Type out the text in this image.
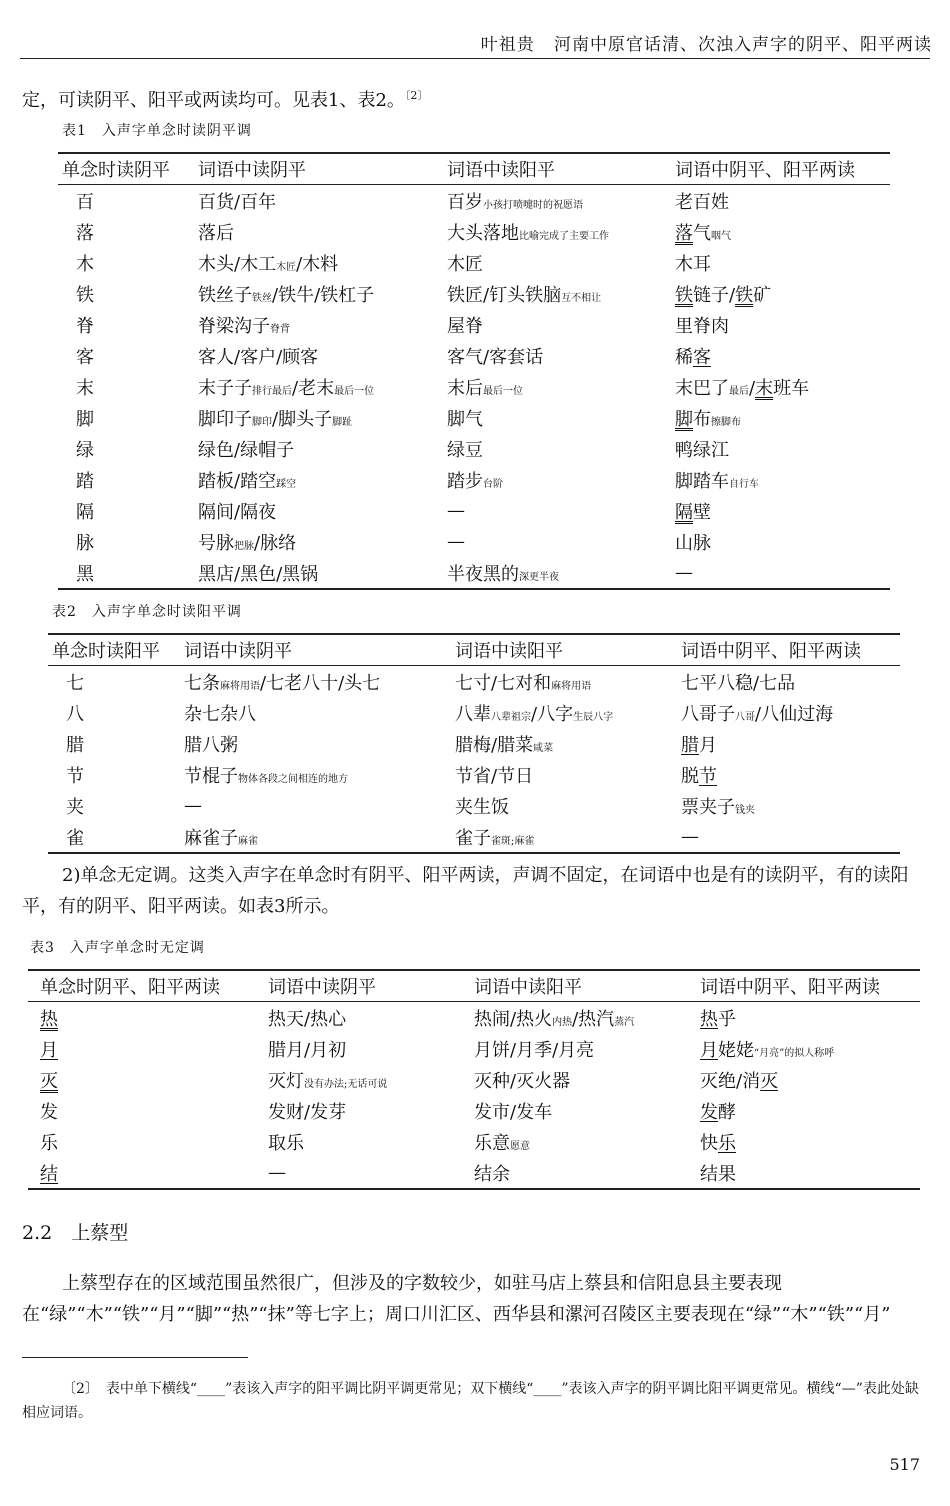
叶祖贵 河南中原官话清、次浊入声字的阴平、阳平两读

定，可读阴平、阳平或两读均可。见表1、表2。$^{〔2〕}$

表1　入声字单念时读阴平调
单念时读阴平	词语中读阴平	词语中读阳平	词语中阴平、阳平两读
百	百货/百年	百岁小孩打喷嚏时的祝愿语	老百姓
落	落后	大头落地比喻完成了主要工作	落气咽气
木	木头/木工木匠/木料	木匠	木耳
铁	铁丝子铁丝/铁牛/铁杠子	铁匠/钉头铁脑互不相让	铁链子/铁矿
脊	脊梁沟子脊背	屋脊	里脊肉
客	客人/客户/顾客	客气/客套话	稀客
末	末子子排行最后/老末最后一位	末后最后一位	末巴了最后/末班车
脚	脚印子脚印/脚头子脚趾	脚气	脚布擦脚布
绿	绿色/绿帽子	绿豆	鸭绿江
踏	踏板/踏空踩空	踏步台阶	脚踏车自行车
隔	隔间/隔夜	—	隔壁
脉	号脉把脉/脉络	—	山脉
黑	黑店/黑色/黑锅	半夜黑的深更半夜	—
表2　入声字单念时读阳平调
单念时读阳平	词语中读阴平	词语中读阳平	词语中阴平、阳平两读
七	七条麻将用语/七老八十/头七	七寸/七对和麻将用语	七平八稳/七品
八	杂七杂八	八辈八辈祖宗/八字生辰八字	八哥子八哥/八仙过海
腊	腊八粥	腊梅/腊菜咸菜	腊月
节	节棍子物体各段之间相连的地方	节省/节日	脱节
夹	—	夹生饭	票夹子钱夹
雀	麻雀子麻雀	雀子雀斑;麻雀	—

2)单念无定调。这类入声字在单念时有阴平、阳平两读，声调不固定，在词语中也是有的读阴平，有的读阳平，有的阴平、阳平两读。如表3所示。

表3　入声字单念时无定调
单念时阴平、阳平两读	词语中读阴平	词语中读阳平	词语中阴平、阳平两读
热	热天/热心	热闹/热火内热/热汽蒸汽	热乎
月	腊月/月初	月饼/月季/月亮	月姥姥“月亮”的拟人称呼
灭	灭灯没有办法;无话可说	灭种/灭火器	灭绝/消灭
发	发财/发芽	发市/发车	发酵
乐	取乐	乐意愿意	快乐
结	—	结余	结果
2.2　上蔡型

上蔡型存在的区域范围虽然很广，但涉及的字数较少，如驻马店上蔡县和信阳息县主要表现在“绿”“木”“铁”“月”“脚”“热”“抹”等七字上；周口川汇区、西华县和漯河召陵区主要表现在“绿”“木”“铁”“月”

〔2〕　表中单下横线“____”表该入声字的阳平调比阴平调更常见；双下横线“____”表该入声字的阴平调比阳平调更常见。横线“—”表此处缺相应词语。

517
